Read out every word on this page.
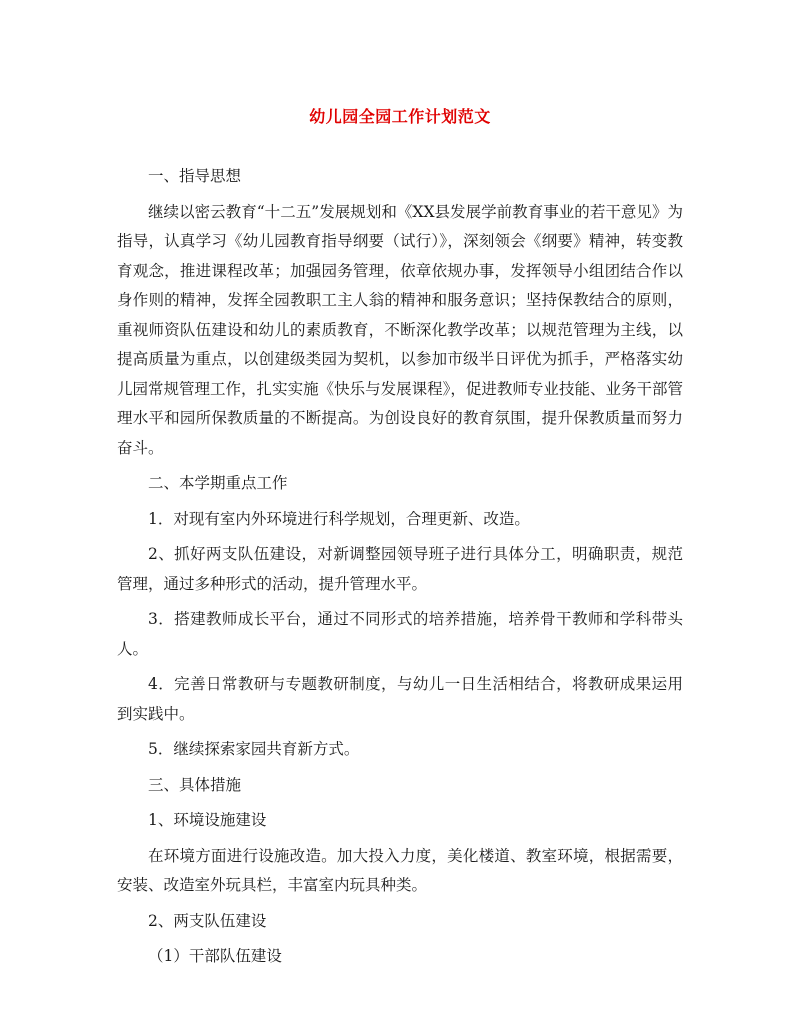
幼儿园全园工作计划范文

一、指导思想

继续以密云教育“十二五”发展规划和《XX县发展学前教育事业的若干意见》为指导，认真学习《幼儿园教育指导纲要（试行）》，深刻领会《纲要》精神，转变教育观念，推进课程改革；加强园务管理，依章依规办事，发挥领导小组团结合作以身作则的精神，发挥全园教职工主人翁的精神和服务意识；坚持保教结合的原则，重视师资队伍建设和幼儿的素质教育，不断深化教学改革；以规范管理为主线，以提高质量为重点，以创建级类园为契机，以参加市级半日评优为抓手，严格落实幼儿园常规管理工作，扎实实施《快乐与发展课程》，促进教师专业技能、业务干部管理水平和园所保教质量的不断提高。为创设良好的教育氛围，提升保教质量而努力奋斗。

二、本学期重点工作

1．对现有室内外环境进行科学规划，合理更新、改造。

2、抓好两支队伍建设，对新调整园领导班子进行具体分工，明确职责，规范管理，通过多种形式的活动，提升管理水平。

3．搭建教师成长平台，通过不同形式的培养措施，培养骨干教师和学科带头人。

4．完善日常教研与专题教研制度，与幼儿一日生活相结合，将教研成果运用到实践中。

5．继续探索家园共育新方式。

三、具体措施

1、环境设施建设

在环境方面进行设施改造。加大投入力度，美化楼道、教室环境，根据需要，安装、改造室外玩具栏，丰富室内玩具种类。

2、两支队伍建设

（1）干部队伍建设
